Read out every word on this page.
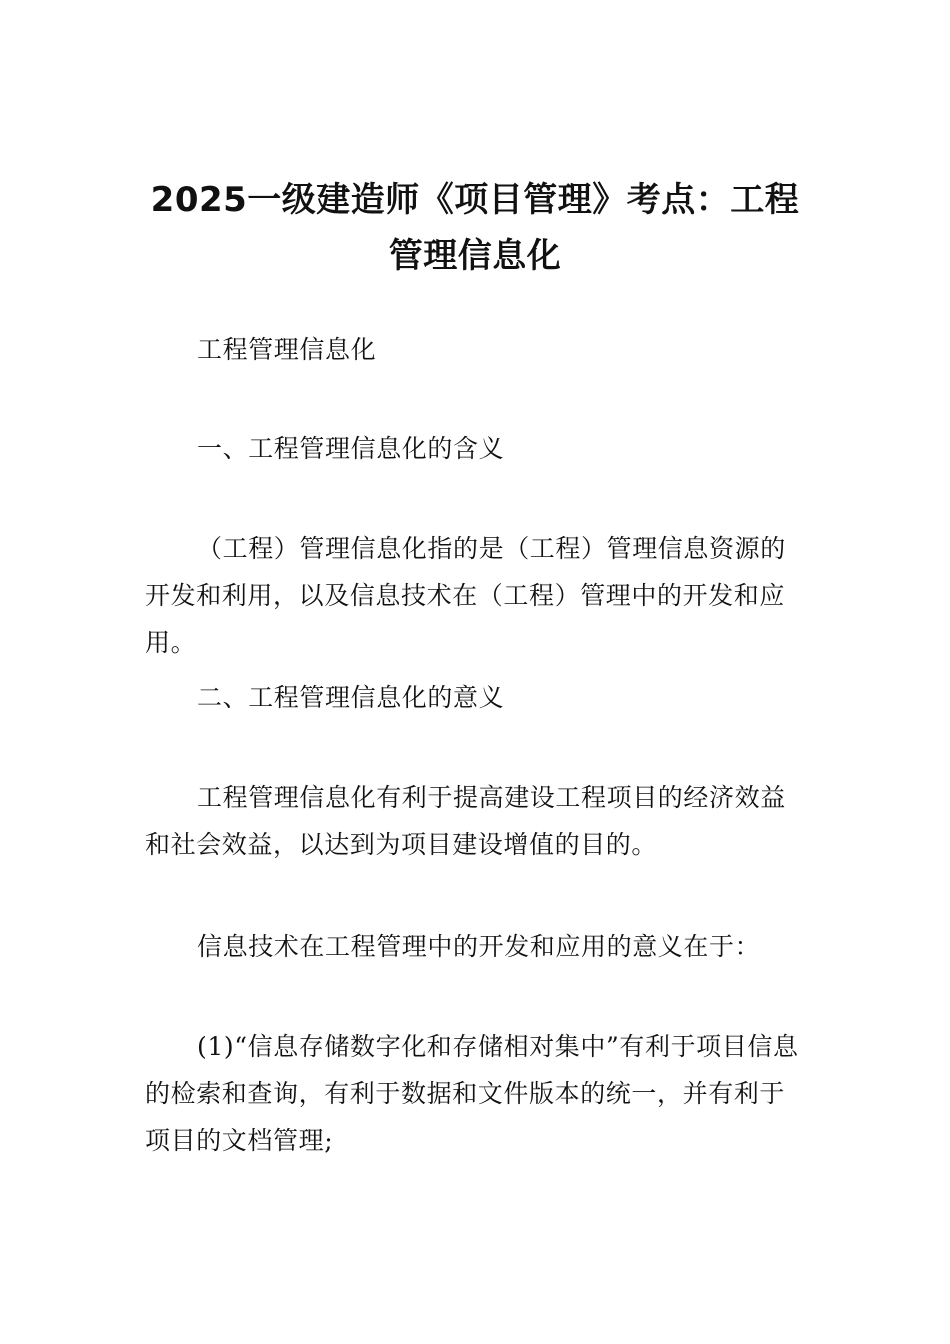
2025一级建造师《项目管理》考点：工程管理信息化
工程管理信息化
一、工程管理信息化的含义
（工程）管理信息化指的是（工程）管理信息资源的开发和利用，以及信息技术在（工程）管理中的开发和应用。
二、工程管理信息化的意义
工程管理信息化有利于提高建设工程项目的经济效益和社会效益，以达到为项目建设增值的目的。
信息技术在工程管理中的开发和应用的意义在于：
(1)“信息存储数字化和存储相对集中”有利于项目信息的检索和查询，有利于数据和文件版本的统一，并有利于项目的文档管理;
